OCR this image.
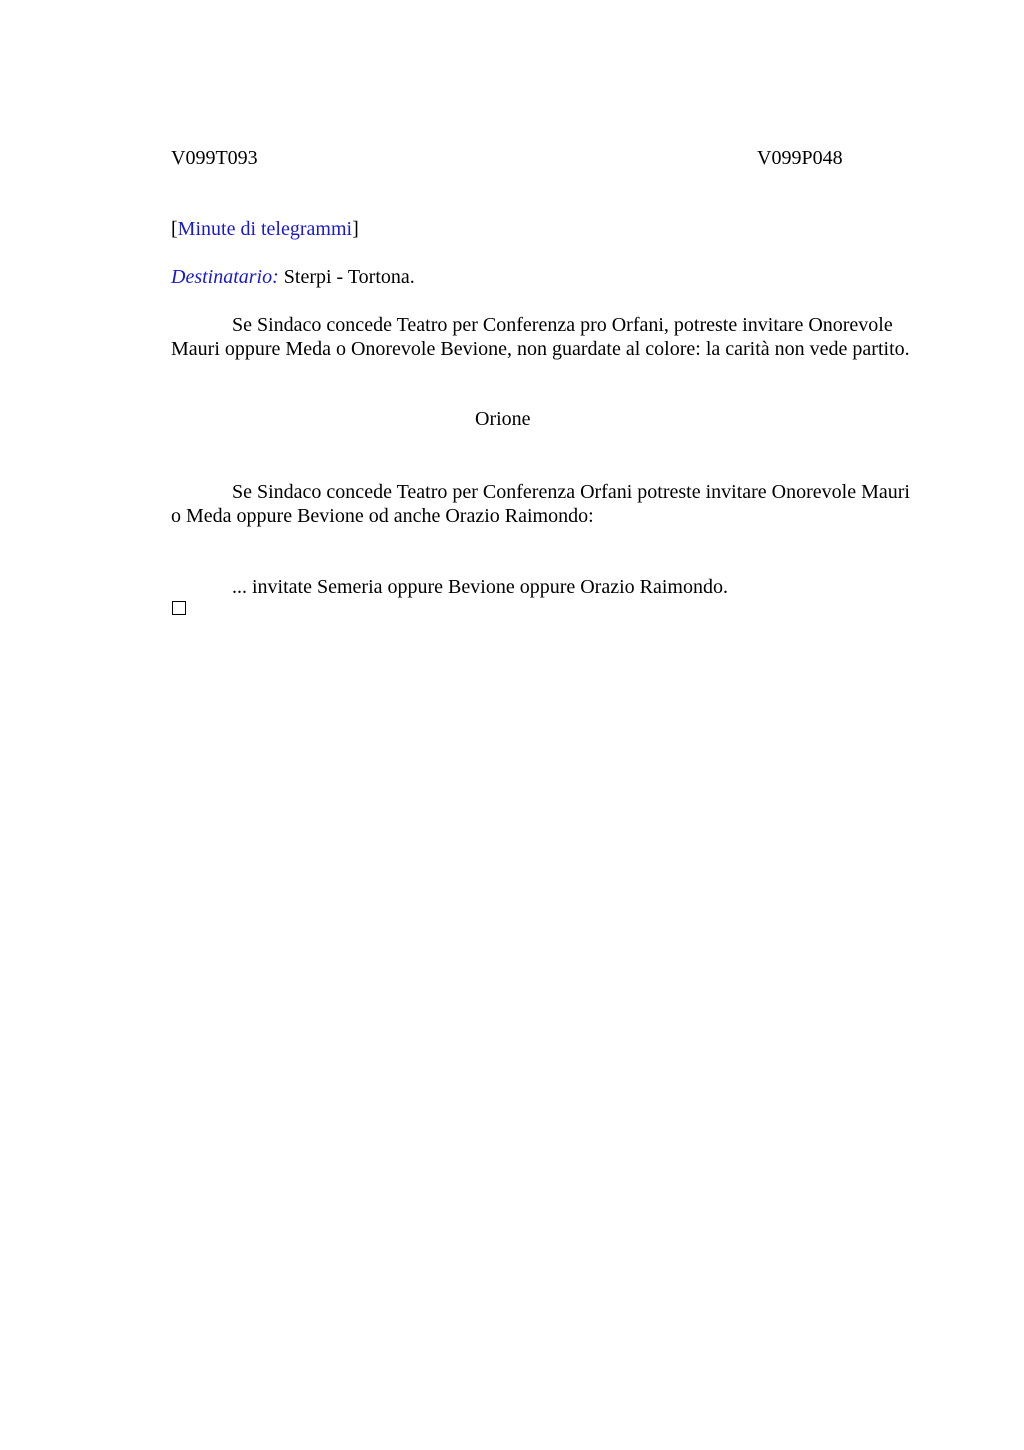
V099T093	V099P048
[Minute di telegrammi]
Destinatario: Sterpi - Tortona.
Se Sindaco concede Teatro per Conferenza pro Orfani, potreste invitare Onorevole Mauri oppure Meda o Onorevole Bevione, non guardate al colore: la carità non vede partito.
Orione
Se Sindaco concede Teatro per Conferenza Orfani potreste invitare Onorevole Mauri o Meda oppure Bevione od anche Orazio Raimondo:
... invitate Semeria oppure Bevione oppure Orazio Raimondo.
